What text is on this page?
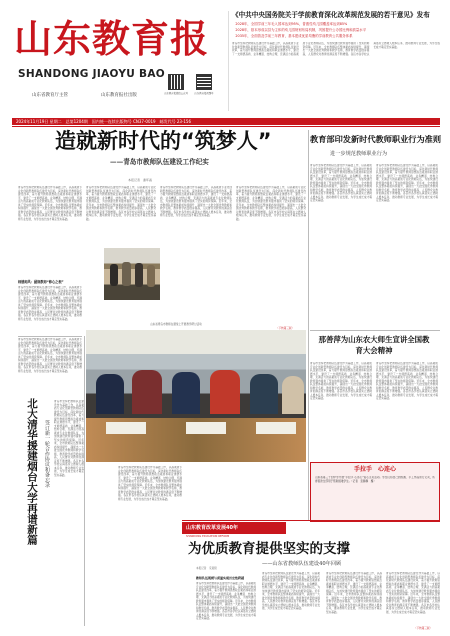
山东教育报
SHANDONG JIAOYU BAO
山东省教育厅主管	山东教育报社出版	山东教育报微信公众号	山东教育报视频号
《中共中央国务院关于学前教育深化改革规范发展的若干意见》发布
　2028年，全国学前三年毛入园率达到95%，普惠性幼儿园覆盖率达到85%
　2028年，基本形成以县为主体的幼儿园规划布局机制，巩固提升公办园比例和质量水平
　2035年，全面普及学前三年教育，基本建成优质均衡的学前教育公共服务体系
青岛市坚持把教师队伍建设作为基础工作，以高素质专业化创新型教师队伍建设为目标，深化新时代教师队伍建设改革，着力提升教师思想政治素质和职业道德水平，建设了一支师德高尚、业务精湛、结构合理、充满活力的高素质专业化教师队伍，为加快建设教育强市提供了坚实的师资保障。近年来，全市教师队伍整体素质持续提升，涌现出一大批全国优秀教师和教学名师，教育教学质量稳步提高，人民群众对教育的满意度不断增强。各区市各学校认真落实立德树人根本任务，推动教师专业发展，为学生成长成才奠定坚实基础。
2024年11月19日 星期二　总第1204期　国内统一连续出版物号 CN37-0019　邮发代号 23-156
造就新时代的“筑梦人”
——青岛市教师队伍建设工作纪实
本报记者　谢环淼
青岛市坚持把教师队伍建设作为基础工作，以高素质专业化创新型教师队伍建设为目标，深化新时代教师队伍建设改革，着力提升教师思想政治素质和职业道德水平，建设了一支师德高尚、业务精湛、结构合理、充满活力的高素质专业化教师队伍，为加快建设教育强市提供了坚实的师资保障。近年来，全市教师队伍整体素质持续提升，涌现出一大批全国优秀教师和教学名师，教育教学质量稳步提高，人民群众对教育的满意度不断增强。各区市各学校认真落实立德树人根本任务，推动教师专业发展，为学生成长成才奠定坚实基础。
师德师风：涵润教师“修心之根”
青岛市坚持把教师队伍建设作为基础工作，以高素质专业化创新型教师队伍建设为目标，深化新时代教师队伍建设改革，着力提升教师思想政治素质和职业道德水平，建设了一支师德高尚、业务精湛、结构合理、充满活力的高素质专业化教师队伍，为加快建设教育强市提供了坚实的师资保障。近年来，全市教师队伍整体素质持续提升，涌现出一大批全国优秀教师和教学名师，教育教学质量稳步提高，人民群众对教育的满意度不断增强。各区市各学校认真落实立德树人根本任务，推动教师专业发展，为学生成长成才奠定坚实基础。
青岛市坚持把教师队伍建设作为基础工作，以高素质专业化创新型教师队伍建设为目标，深化新时代教师队伍建设改革，着力提升教师思想政治素质和职业道德水平，建设了一支师德高尚、业务精湛、结构合理、充满活力的高素质专业化教师队伍，为加快建设教育强市提供了坚实的师资保障。近年来，全市教师队伍整体素质持续提升，涌现出一大批全国优秀教师和教学名师，教育教学质量稳步提高，人民群众对教育的满意度不断增强。各区市各学校认真落实立德树人根本任务，推动教师专业发展，为学生成长成才奠定坚实基础。
青岛市坚持把教师队伍建设作为基础工作，以高素质专业化创新型教师队伍建设为目标，深化新时代教师队伍建设改革，着力提升教师思想政治素质和职业道德水平，建设了一支师德高尚、业务精湛、结构合理、充满活力的高素质专业化教师队伍，为加快建设教育强市提供了坚实的师资保障。近年来，全市教师队伍整体素质持续提升，涌现出一大批全国优秀教师和教学名师，教育教学质量稳步提高，人民群众对教育的满意度不断增强。各区市各学校认真落实立德树人根本任务，推动教师专业发展，为学生成长成才奠定坚实基础。
青岛市坚持把教师队伍建设作为基础工作，以高素质专业化创新型教师队伍建设为目标，深化新时代教师队伍建设改革，着力提升教师思想政治素质和职业道德水平，建设了一支师德高尚、业务精湛、结构合理、充满活力的高素质专业化教师队伍，为加快建设教育强市提供了坚实的师资保障。近年来，全市教师队伍整体素质持续提升，涌现出一大批全国优秀教师和教学名师，教育教学质量稳步提高，人民群众对教育的满意度不断增强。各区市各学校认真落实立德树人根本任务，推动教师专业发展，为学生成长成才奠定坚实基础。
山东省青岛市教师在课堂上开展教学研讨活动
教育部印发新时代教师职业行为准则
进一步规范教师职业行为
青岛市坚持把教师队伍建设作为基础工作，以高素质专业化创新型教师队伍建设为目标，深化新时代教师队伍建设改革，着力提升教师思想政治素质和职业道德水平，建设了一支师德高尚、业务精湛、结构合理、充满活力的高素质专业化教师队伍，为加快建设教育强市提供了坚实的师资保障。近年来，全市教师队伍整体素质持续提升，涌现出一大批全国优秀教师和教学名师，教育教学质量稳步提高，人民群众对教育的满意度不断增强。各区市各学校认真落实立德树人根本任务，推动教师专业发展，为学生成长成才奠定坚实基础。
青岛市坚持把教师队伍建设作为基础工作，以高素质专业化创新型教师队伍建设为目标，深化新时代教师队伍建设改革，着力提升教师思想政治素质和职业道德水平，建设了一支师德高尚、业务精湛、结构合理、充满活力的高素质专业化教师队伍，为加快建设教育强市提供了坚实的师资保障。近年来，全市教师队伍整体素质持续提升，涌现出一大批全国优秀教师和教学名师，教育教学质量稳步提高，人民群众对教育的满意度不断增强。各区市各学校认真落实立德树人根本任务，推动教师专业发展，为学生成长成才奠定坚实基础。
那善萍为山东农大师生宣讲全国教育大会精神
青岛市坚持把教师队伍建设作为基础工作，以高素质专业化创新型教师队伍建设为目标，深化新时代教师队伍建设改革，着力提升教师思想政治素质和职业道德水平，建设了一支师德高尚、业务精湛、结构合理、充满活力的高素质专业化教师队伍，为加快建设教育强市提供了坚实的师资保障。近年来，全市教师队伍整体素质持续提升，涌现出一大批全国优秀教师和教学名师，教育教学质量稳步提高，人民群众对教育的满意度不断增强。各区市各学校认真落实立德树人根本任务，推动教师专业发展，为学生成长成才奠定坚实基础。
青岛市坚持把教师队伍建设作为基础工作，以高素质专业化创新型教师队伍建设为目标，深化新时代教师队伍建设改革，着力提升教师思想政治素质和职业道德水平，建设了一支师德高尚、业务精湛、结构合理、充满活力的高素质专业化教师队伍，为加快建设教育强市提供了坚实的师资保障。近年来，全市教师队伍整体素质持续提升，涌现出一大批全国优秀教师和教学名师，教育教学质量稳步提高，人民群众对教育的满意度不断增强。各区市各学校认真落实立德树人根本任务，推动教师专业发展，为学生成长成才奠定坚实基础。
手拉手　心连心
山东省第三十四中学开展“手拉手 心连心”爱心义卖活动。学生们将自己的绘画、手工作品进行义卖，所得善款全部用于帮助困难学生。（记者　张静静　摄）
青岛市坚持把教师队伍建设作为基础工作，以高素质专业化创新型教师队伍建设为目标，深化新时代教师队伍建设改革，着力提升教师思想政治素质和职业道德水平，建设了一支师德高尚、业务精湛、结构合理、充满活力的高素质专业化教师队伍，为加快建设教育强市提供了坚实的师资保障。近年来，全市教师队伍整体素质持续提升，涌现出一大批全国优秀教师和教学名师，教育教学质量稳步提高，人民群众对教育的满意度不断增强。各区市各学校认真落实立德树人根本任务，推动教师专业发展，为学生成长成才奠定坚实基础。
北大清华援建烟台大学再谱新篇	签订新一轮合作协议和备忘录
青岛市坚持把教师队伍建设作为基础工作，以高素质专业化创新型教师队伍建设为目标，深化新时代教师队伍建设改革，着力提升教师思想政治素质和职业道德水平，建设了一支师德高尚、业务精湛、结构合理、充满活力的高素质专业化教师队伍，为加快建设教育强市提供了坚实的师资保障。近年来，全市教师队伍整体素质持续提升，涌现出一大批全国优秀教师和教学名师，教育教学质量稳步提高，人民群众对教育的满意度不断增强。各区市各学校认真落实立德树人根本任务，推动教师专业发展，为学生成长成才奠定坚实基础。
山东教育改革发展40年
SHANDONG EDUCATION REFORM
为优质教育提供坚实的支撑
——山东省教师队伍建设40年回顾
本报记者　宋昊骁
教师队伍规模与质量实现历史性跨越
青岛市坚持把教师队伍建设作为基础工作，以高素质专业化创新型教师队伍建设为目标，深化新时代教师队伍建设改革，着力提升教师思想政治素质和职业道德水平，建设了一支师德高尚、业务精湛、结构合理、充满活力的高素质专业化教师队伍，为加快建设教育强市提供了坚实的师资保障。近年来，全市教师队伍整体素质持续提升，涌现出一大批全国优秀教师和教学名师，教育教学质量稳步提高，人民群众对教育的满意度不断增强。各区市各学校认真落实立德树人根本任务，推动教师专业发展，为学生成长成才奠定坚实基础。
青岛市坚持把教师队伍建设作为基础工作，以高素质专业化创新型教师队伍建设为目标，深化新时代教师队伍建设改革，着力提升教师思想政治素质和职业道德水平，建设了一支师德高尚、业务精湛、结构合理、充满活力的高素质专业化教师队伍，为加快建设教育强市提供了坚实的师资保障。近年来，全市教师队伍整体素质持续提升，涌现出一大批全国优秀教师和教学名师，教育教学质量稳步提高，人民群众对教育的满意度不断增强。各区市各学校认真落实立德树人根本任务，推动教师专业发展，为学生成长成才奠定坚实基础。
青岛市坚持把教师队伍建设作为基础工作，以高素质专业化创新型教师队伍建设为目标，深化新时代教师队伍建设改革，着力提升教师思想政治素质和职业道德水平，建设了一支师德高尚、业务精湛、结构合理、充满活力的高素质专业化教师队伍，为加快建设教育强市提供了坚实的师资保障。近年来，全市教师队伍整体素质持续提升，涌现出一大批全国优秀教师和教学名师，教育教学质量稳步提高，人民群众对教育的满意度不断增强。各区市各学校认真落实立德树人根本任务，推动教师专业发展，为学生成长成才奠定坚实基础。
青岛市坚持把教师队伍建设作为基础工作，以高素质专业化创新型教师队伍建设为目标，深化新时代教师队伍建设改革，着力提升教师思想政治素质和职业道德水平，建设了一支师德高尚、业务精湛、结构合理、充满活力的高素质专业化教师队伍，为加快建设教育强市提供了坚实的师资保障。近年来，全市教师队伍整体素质持续提升，涌现出一大批全国优秀教师和教学名师，教育教学质量稳步提高，人民群众对教育的满意度不断增强。各区市各学校认真落实立德树人根本任务，推动教师专业发展，为学生成长成才奠定坚实基础。
青岛市坚持把教师队伍建设作为基础工作，以高素质专业化创新型教师队伍建设为目标，深化新时代教师队伍建设改革，着力提升教师思想政治素质和职业道德水平，建设了一支师德高尚、业务精湛、结构合理、充满活力的高素质专业化教师队伍，为加快建设教育强市提供了坚实的师资保障。近年来，全市教师队伍整体素质持续提升，涌现出一大批全国优秀教师和教学名师，教育教学质量稳步提高，人民群众对教育的满意度不断增强。各区市各学校认真落实立德树人根本任务，推动教师专业发展，为学生成长成才奠定坚实基础。
（下转第三版）
（下转第三版）
